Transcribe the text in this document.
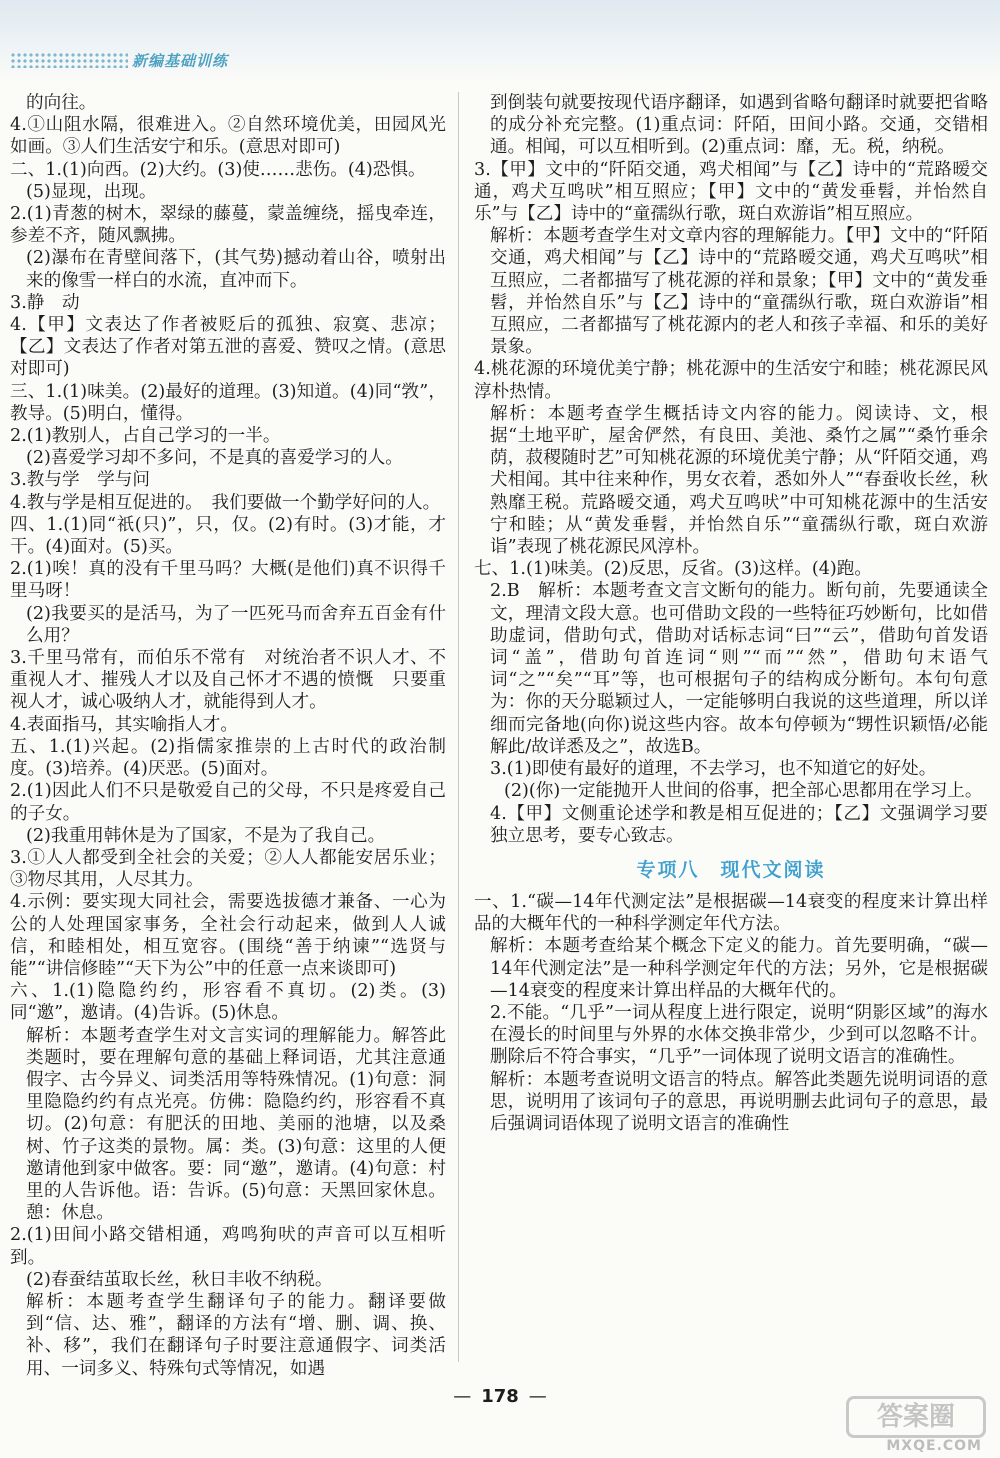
新编基础训练

的向往。

4.①山阻水隔，很难进入。②自然环境优美，田园风光如画。③人们生活安宁和乐。(意思对即可)

二、1.(1)向西。(2)大约。(3)使……悲伤。(4)恐惧。

(5)显现，出现。

2.(1)青葱的树木，翠绿的藤蔓，蒙盖缠绕，摇曳牵连，参差不齐，随风飘拂。

(2)瀑布在青壁间落下，(其气势)撼动着山谷，喷射出来的像雪一样白的水流，直冲而下。

3.静　动

4.【甲】文表达了作者被贬后的孤独、寂寞、悲凉；【乙】文表达了作者对第五泄的喜爱、赞叹之情。(意思对即可)

三、1.(1)味美。(2)最好的道理。(3)知道。(4)同“敩”，教导。(5)明白，懂得。

2.(1)教别人，占自己学习的一半。

(2)喜爱学习却不多问，不是真的喜爱学习的人。

3.教与学　学与问

4.教与学是相互促进的。　我们要做一个勤学好问的人。

四、1.(1)同“祇(只)”，只，仅。(2)有时。(3)才能，才干。(4)面对。(5)买。

2.(1)唉！真的没有千里马吗？大概(是他们)真不识得千里马呀！

(2)我要买的是活马，为了一匹死马而舍弃五百金有什么用？

3.千里马常有，而伯乐不常有　对统治者不识人才、不重视人才、摧残人才以及自己怀才不遇的愤慨　只要重视人才，诚心吸纳人才，就能得到人才。

4.表面指马，其实喻指人才。

五、1.(1)兴起。(2)指儒家推崇的上古时代的政治制度。(3)培养。(4)厌恶。(5)面对。

2.(1)因此人们不只是敬爱自己的父母，不只是疼爱自己的子女。

(2)我重用韩休是为了国家，不是为了我自己。

3.①人人都受到全社会的关爱；②人人都能安居乐业；③物尽其用，人尽其力。

4.示例：要实现大同社会，需要选拔德才兼备、一心为公的人处理国家事务，全社会行动起来，做到人人诚信，和睦相处，相互宽容。(围绕“善于纳谏”“选贤与能”“讲信修睦”“天下为公”中的任意一点来谈即可)

六、1.(1)隐隐约约，形容看不真切。(2)类。(3)同“邀”，邀请。(4)告诉。(5)休息。

解析：本题考查学生对文言实词的理解能力。解答此类题时，要在理解句意的基础上释词语，尤其注意通假字、古今异义、词类活用等特殊情况。(1)句意：洞里隐隐约约有点光亮。仿佛：隐隐约约，形容看不真切。(2)句意：有肥沃的田地、美丽的池塘，以及桑树、竹子这类的景物。属：类。(3)句意：这里的人便邀请他到家中做客。要：同“邀”，邀请。(4)句意：村里的人告诉他。语：告诉。(5)句意：天黑回家休息。憩：休息。

2.(1)田间小路交错相通，鸡鸣狗吠的声音可以互相听到。

(2)春蚕结茧取长丝，秋日丰收不纳税。

解析：本题考查学生翻译句子的能力。翻译要做到“信、达、雅”，翻译的方法有“增、删、调、换、补、移”，我们在翻译句子时要注意通假字、词类活用、一词多义、特殊句式等情况，如遇

到倒装句就要按现代语序翻译，如遇到省略句翻译时就要把省略的成分补充完整。(1)重点词：阡陌，田间小路。交通，交错相通。相闻，可以互相听到。(2)重点词：靡，无。税，纳税。

3.【甲】文中的“阡陌交通，鸡犬相闻”与【乙】诗中的“荒路暧交通，鸡犬互鸣吠”相互照应；【甲】文中的“黄发垂髫，并怡然自乐”与【乙】诗中的“童孺纵行歌，斑白欢游诣”相互照应。

解析：本题考查学生对文章内容的理解能力。【甲】文中的“阡陌交通，鸡犬相闻”与【乙】诗中的“荒路暧交通，鸡犬互鸣吠”相互照应，二者都描写了桃花源的祥和景象；【甲】文中的“黄发垂髫，并怡然自乐”与【乙】诗中的“童孺纵行歌，斑白欢游诣”相互照应，二者都描写了桃花源内的老人和孩子幸福、和乐的美好景象。

4.桃花源的环境优美宁静；桃花源中的生活安宁和睦；桃花源民风淳朴热情。

解析：本题考查学生概括诗文内容的能力。阅读诗、文，根据“土地平旷，屋舍俨然，有良田、美池、桑竹之属”“桑竹垂余荫，菽稷随时艺”可知桃花源的环境优美宁静；从“阡陌交通，鸡犬相闻。其中往来种作，男女衣着，悉如外人”“春蚕收长丝，秋熟靡王税。荒路暧交通，鸡犬互鸣吠”中可知桃花源中的生活安宁和睦；从“黄发垂髫，并怡然自乐”“童孺纵行歌，斑白欢游诣”表现了桃花源民风淳朴。

七、1.(1)味美。(2)反思，反省。(3)这样。(4)跑。

2.B　解析：本题考查文言文断句的能力。断句前，先要通读全文，理清文段大意。也可借助文段的一些特征巧妙断句，比如借助虚词，借助句式，借助对话标志词“曰”“云”，借助句首发语词“盖”，借助句首连词“则”“而”“然”，借助句末语气词“之”“矣”“耳”等，也可根据句子的结构成分断句。本句句意为：你的天分聪颖过人，一定能够明白我说的这些道理，所以详细而完备地(向你)说这些内容。故本句停顿为“甥性识颖悟/必能解此/故详悉及之”，故选B。

3.(1)即使有最好的道理，不去学习，也不知道它的好处。

(2)(你)一定能抛开人世间的俗事，把全部心思都用在学习上。

4.【甲】文侧重论述学和教是相互促进的；【乙】文强调学习要独立思考，要专心致志。

专项八　现代文阅读

一、1.“碳—14年代测定法”是根据碳—14衰变的程度来计算出样品的大概年代的一种科学测定年代方法。

解析：本题考查给某个概念下定义的能力。首先要明确，“碳—14年代测定法”是一种科学测定年代的方法；另外，它是根据碳—14衰变的程度来计算出样品的大概年代的。

2.不能。“几乎”一词从程度上进行限定，说明“阴影区域”的海水在漫长的时间里与外界的水体交换非常少，少到可以忽略不计。删除后不符合事实，“几乎”一词体现了说明文语言的准确性。

解析：本题考查说明文语言的特点。解答此类题先说明词语的意思，说明用了该词句子的意思，再说明删去此词句子的意思，最后强调词语体现了说明文语言的准确性

— 178 —
答案圈
MXQE.COM
